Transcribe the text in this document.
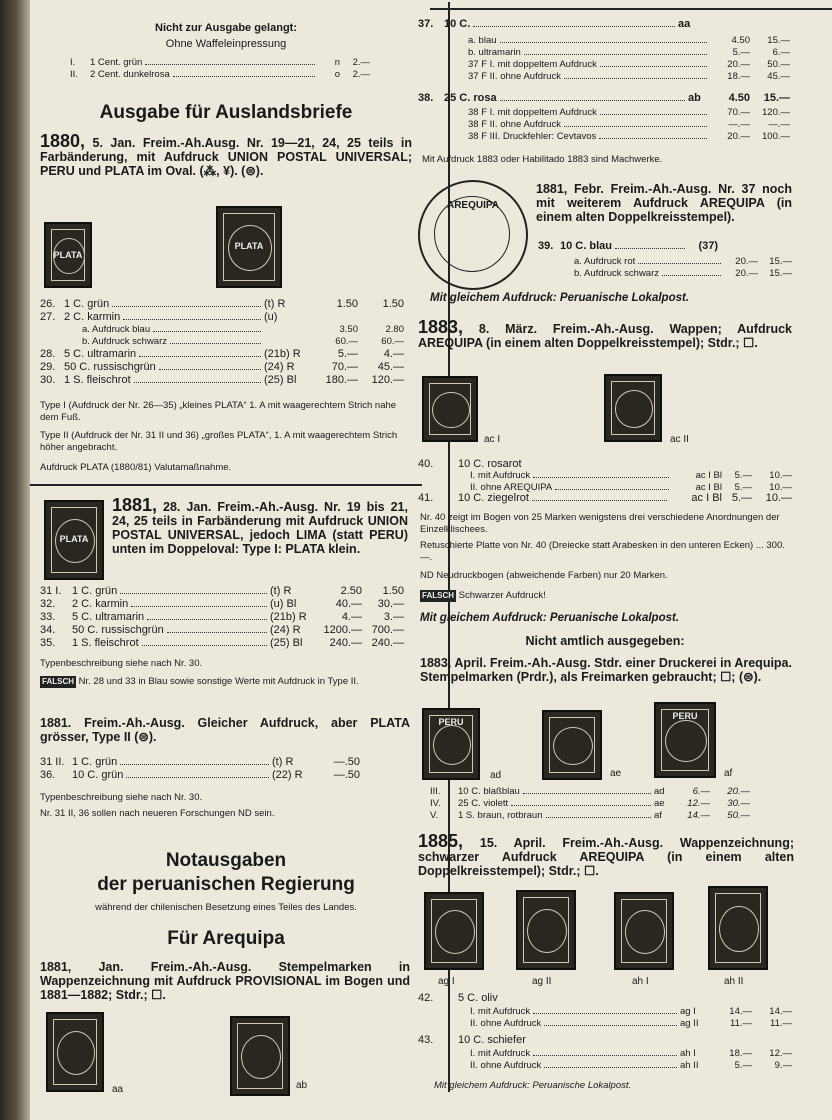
Nicht zur Ausgabe gelangt:
Ohne Waffeleinpressung
I.	1 Cent. grün	n	2.—
II.	2 Cent. dunkelrosa	o	2.—
Ausgabe für Auslandsbriefe
1880, 5. Jan. Freim.-Ah.Ausg. Nr. 19—21, 24, 25 teils in Farbänderung, mit Aufdruck UNION POSTAL UNIVERSAL; PERU und PLATA im Oval. (⁂, ¥). (⊜).
PLATA
PLATA
26. 1 C. grün	(t) R	1.50	1.50
27. 2 C. karmin	(u)
a. Aufdruck blau	3.50	2.80
b. Aufdruck schwarz	60.—	60.—
28. 5 C. ultramarin	(21b) R	5.—	4.—
29. 50 C. russischgrün	(24) R	70.—	45.—
30. 1 S. fleischrot	(25) Bl	180.—	120.—
Type I (Aufdruck der Nr. 26—35) „kleines PLATA“ 1. A mit waagerechtem Strich nahe dem Fuß.
Type II (Aufdruck der Nr. 31 II und 36) „großes PLATA“, 1. A mit waagerechtem Strich höher angebracht.
Aufdruck PLATA (1880/81) Valutamaßnahme.
PLATA
1881, 28. Jan. Freim.-Ah.-Ausg. Nr. 19 bis 21, 24, 25 teils in Farbänderung mit Aufdruck UNION POSTAL UNIVERSAL, jedoch LIMA (statt PERU) unten im Doppeloval: Type I: PLATA klein.
31 I. 1 C. grün	(t) R	2.50	1.50
32.	2 C. karmin	(u) Bl	40.—	30.—
33.	5 C. ultramarin	(21b) R	4.—	3.—
34.	50 C. russischgrün	(24) R	1200.— 700.—
35.	1 S. fleischrot	(25) Bl	240.— 240.—
Typenbeschreibung siehe nach Nr. 30.
FALSCH Nr. 28 und 33 in Blau sowie sonstige Werte mit Aufdruck in Type II.
1881. Freim.-Ah.-Ausg. Gleicher Aufdruck, aber PLATA grösser, Type II (⊜).
31 II. 1 C. grün	(t) R	—.50
36.	10 C. grün	(22) R	—.50
Typenbeschreibung siehe nach Nr. 30.
Nr. 31 II, 36 sollen nach neueren Forschungen ND sein.
Notausgaben
der peruanischen Regierung
während der chilenischen Besetzung eines Teiles des Landes.
Für Arequipa
1881, Jan. Freim.-Ah.-Ausg. Stempelmarken in Wappenzeichnung mit Aufdruck PROVISIONAL im Bogen und 1881—1882; Stdr.; ☐.
aa	ab
37. 10 C.	aa
a. blau	4.50	15.—
b. ultramarin	5.—	6.—
37 F I. mit doppeltem Aufdruck	20.—	50.—
37 F II. ohne Aufdruck	18.—	45.—
38. 25 C. rosa	ab	4.50	15.—
38 F I. mit doppeltem Aufdruck	70.—	120.—
38 F II. ohne Aufdruck	—.—	—.—
38 F III. Druckfehler: Cevtavos	20.—	100.—
Mit Aufdruck 1883 oder Habilitado 1883 sind Machwerke.
AREQUIPA
1881, Febr. Freim.-Ah.-Ausg. Nr. 37 noch mit weiterem Aufdruck AREQUIPA (in einem alten Doppelkreisstempel).
39. 10 C. blau	(37)
a. Aufdruck rot	20.—	15.—
b. Aufdruck schwarz	20.—	15.—
Mit gleichem Aufdruck: Peruanische Lokalpost.
1883, 8. März. Freim.-Ah.-Ausg. Wappen; Aufdruck AREQUIPA (in einem alten Doppelkreisstempel); Stdr.; ☐.
ac I	ac II
40.	10 C. rosarot
I. mit Aufdruck	ac I Bl	5.—	10.—
II. ohne AREQUIPA	ac I Bl	5.—	10.—
41.	10 C. ziegelrot	ac I Bl 5.—	10.—
Nr. 40 zeigt im Bogen von 25 Marken wenigstens drei verschiedene Anordnungen der Einzelklischees.
Retuschierte Platte von Nr. 40 (Dreiecke statt Arabesken in den unteren Ecken) ... 300.—.
ND Neudruckbogen (abweichende Farben) nur 20 Marken.
FALSCH Schwarzer Aufdruck!
Mit gleichem Aufdruck: Peruanische Lokalpost.
Nicht amtlich ausgegeben:
1883, April. Freim.-Ah.-Ausg. Stdr. einer Druckerei in Arequipa. Stempelmarken (Prdr.), als Freimarken gebraucht; ☐; (⊜).
PERU
ad	ae
PERU
af
III.	10 C. blaßblau	ad	6.—	20.—
IV.	25 C. violett	ae	12.—	30.—
V.	1 S. braun, rotbraun	af	14.—	50.—
1885, 15. April. Freim.-Ah.-Ausg. Wappenzeichnung; schwarzer Aufdruck AREQUIPA (in einem alten Doppelkreisstempel); Stdr.; ☐.
ag I	ag II	ah I	ah II
42.	5 C. oliv
I. mit Aufdruck	ag I	14.—	14.—
II. ohne Aufdruck	ag II	11.—	11.—
43.	10 C. schiefer
I. mit Aufdruck	ah I	18.—	12.—
II. ohne Aufdruck	ah II	5.—	9.—
Mit gleichem Aufdruck: Peruanische Lokalpost.
